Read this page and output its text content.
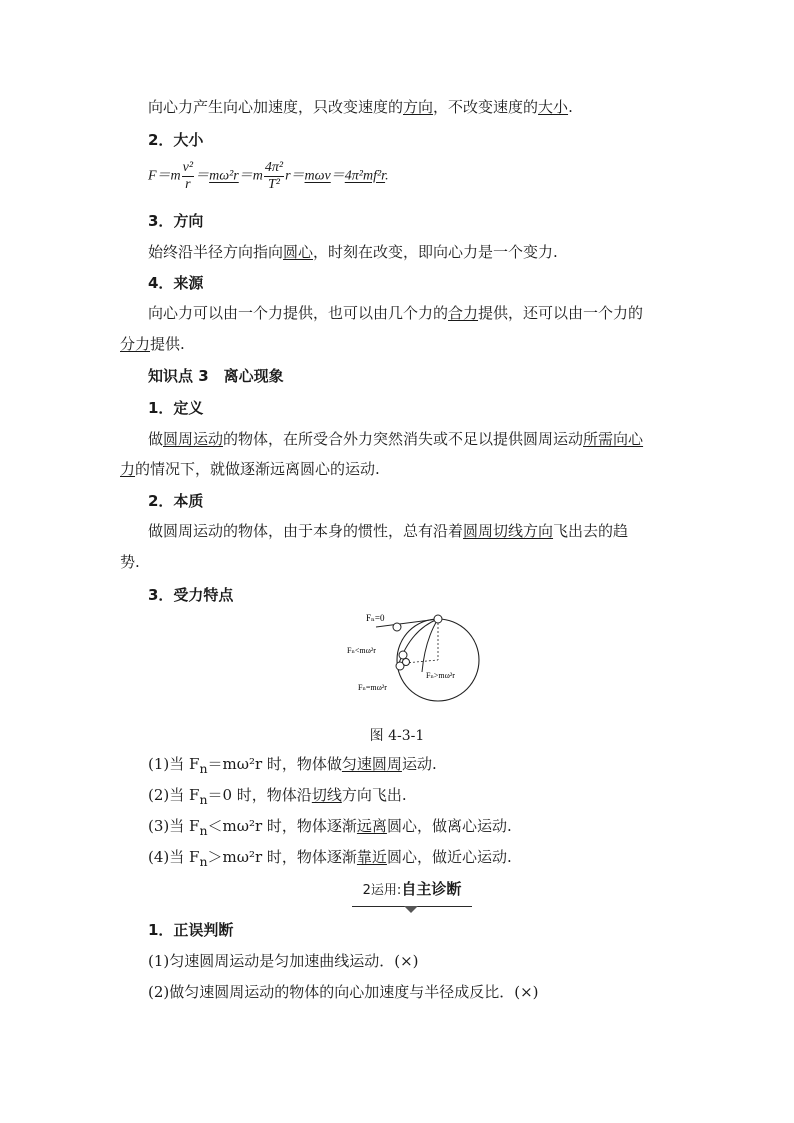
向心力产生向心加速度，只改变速度的方向，不改变速度的大小.
2．大小
$F=m \frac{\text{v²}}{r} =m\omega^2r=m \frac{\text{4π²}}{\text{T²}} r=m\omega v=4\pi^2mf^2r$.
3．方向
始终沿半径方向指向圆心，时刻在改变，即向心力是一个变力.
4．来源
向心力可以由一个力提供，也可以由几个力的合力提供，还可以由一个力的
分力提供.
知识点 3　离心现象
1．定义
做圆周运动的物体，在所受合外力突然消失或不足以提供圆周运动所需向心
力的情况下，就做逐渐远离圆心的运动.
2．本质
做圆周运动的物体，由于本身的惯性，总有沿着圆周切线方向飞出去的趋
势.
3．受力特点
Fₙ=0
Fₙ<mω²r
Fₙ>mω²r
Fₙ=mω²r
图 4-3-1
(1)当 $F_n=m\omega^2r$ 时，物体做匀速圆周运动.
(2)当 $F_n=0$ 时，物体沿切线方向飞出.
(3)当 $F_n<m\omega^2r$ 时，物体逐渐远离圆心，做离心运动.
(4)当 $F_n>m\omega^2r$ 时，物体逐渐靠近圆心，做近心运动.
2运用:自主诊断
1．正误判断
(1)匀速圆周运动是匀加速曲线运动．(×)
(2)做匀速圆周运动的物体的向心加速度与半径成反比．(×)
